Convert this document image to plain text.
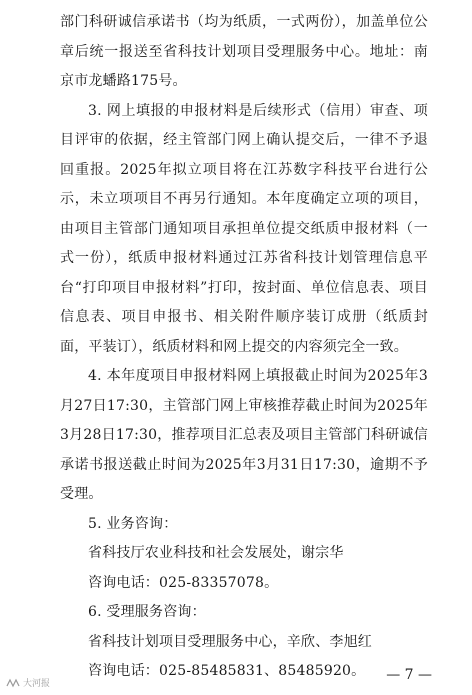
部门科研诚信承诺书（均为纸质，一式两份），加盖单位公章后统一报送至省科技计划项目受理服务中心。地址：南京市龙蟠路175号。

3. 网上填报的申报材料是后续形式（信用）审查、项目评审的依据，经主管部门网上确认提交后，一律不予退回重报。2025年拟立项目将在江苏数字科技平台进行公示，未立项项目不再另行通知。本年度确定立项的项目，由项目主管部门通知项目承担单位提交纸质申报材料（一式一份），纸质申报材料通过江苏省科技计划管理信息平台“打印项目申报材料”打印，按封面、单位信息表、项目信息表、项目申报书、相关附件顺序装订成册（纸质封面，平装订），纸质材料和网上提交的内容须完全一致。

4. 本年度项目申报材料网上填报截止时间为2025年3月27日17:30，主管部门网上审核推荐截止时间为2025年3月28日17:30，推荐项目汇总表及项目主管部门科研诚信承诺书报送截止时间为2025年3月31日17:30，逾期不予受理。

5. 业务咨询：

省科技厅农业科技和社会发展处，谢宗华

咨询电话：025-83357078。

6. 受理服务咨询：

省科技计划项目受理服务中心，辛欣、李旭红

咨询电话：025-85485831、85485920。	— 7 —
大河报
